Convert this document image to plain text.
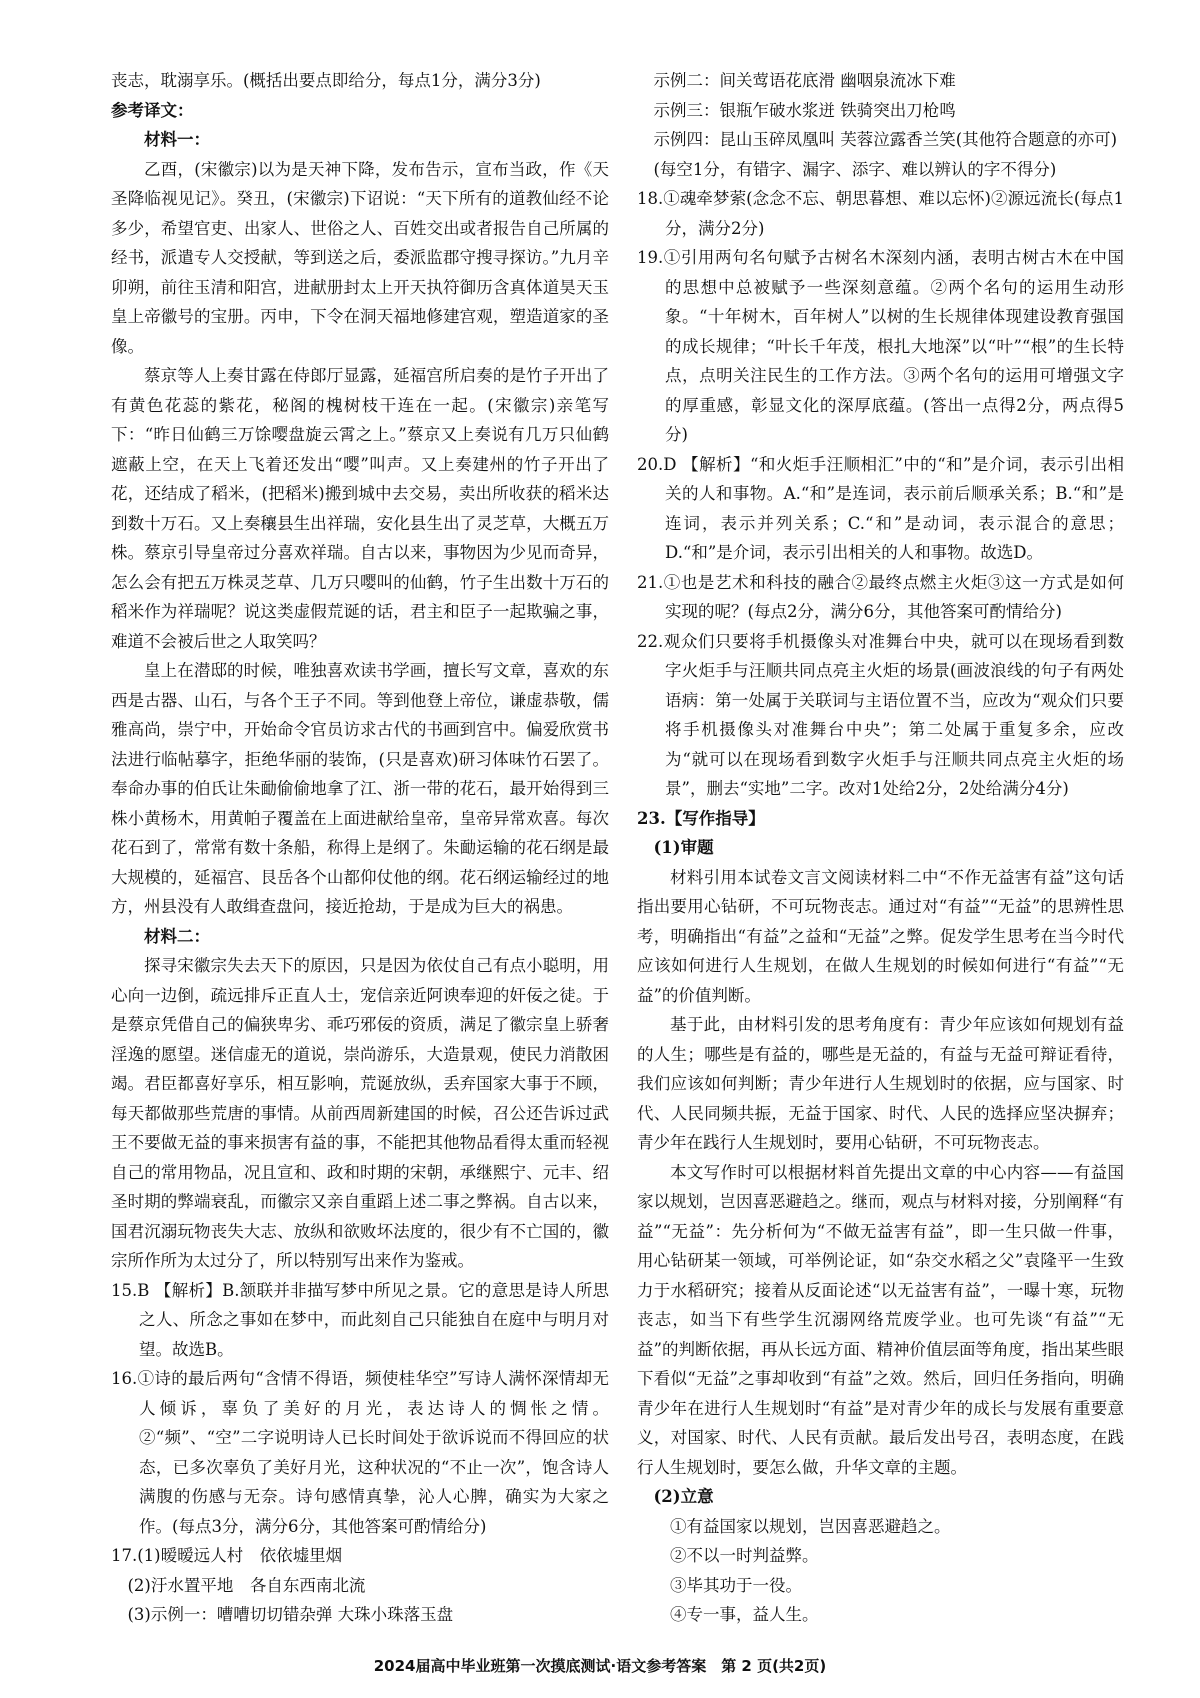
丧志，耽溺享乐。(概括出要点即给分，每点1分，满分3分)

参考译文：

材料一：

乙酉，(宋徽宗)以为是天神下降，发布告示，宣布当政，作《天圣降临视见记》。癸丑，(宋徽宗)下诏说：“天下所有的道教仙经不论多少，希望官吏、出家人、世俗之人、百姓交出或者报告自己所属的经书，派遣专人交授献，等到送之后，委派监郡守搜寻探访。”九月辛卯朔，前往玉清和阳宫，进献册封太上开天执符御历含真体道昊天玉皇上帝徽号的宝册。丙申，下令在洞天福地修建宫观，塑造道家的圣像。

蔡京等人上奏甘露在侍郎厅显露，延福宫所启奏的是竹子开出了有黄色花蕊的紫花，秘阁的槐树枝干连在一起。(宋徽宗)亲笔写下：“昨日仙鹤三万馀嘤盘旋云霄之上。”蔡京又上奏说有几万只仙鹤遮蔽上空，在天上飞着还发出“嘤”叫声。又上奏建州的竹子开出了花，还结成了稻米，(把稻米)搬到城中去交易，卖出所收获的稻米达到数十万石。又上奏穰县生出祥瑞，安化县生出了灵芝草，大概五万株。蔡京引导皇帝过分喜欢祥瑞。自古以来，事物因为少见而奇异，怎么会有把五万株灵芝草、几万只嘤叫的仙鹤，竹子生出数十万石的稻米作为祥瑞呢？说这类虚假荒诞的话，君主和臣子一起欺骗之事，难道不会被后世之人取笑吗？

皇上在潜邸的时候，唯独喜欢读书学画，擅长写文章，喜欢的东西是古器、山石，与各个王子不同。等到他登上帝位，谦虚恭敬，儒雅高尚，崇宁中，开始命令官员访求古代的书画到宫中。偏爱欣赏书法进行临帖摹字，拒绝华丽的装饰，(只是喜欢)研习体味竹石罢了。奉命办事的伯氏让朱勔偷偷地拿了江、浙一带的花石，最开始得到三株小黄杨木，用黄帕子覆盖在上面进献给皇帝，皇帝异常欢喜。每次花石到了，常常有数十条船，称得上是纲了。朱勔运输的花石纲是最大规模的，延福宫、艮岳各个山都仰仗他的纲。花石纲运输经过的地方，州县没有人敢缉查盘问，接近抢劫，于是成为巨大的祸患。

材料二：

探寻宋徽宗失去天下的原因，只是因为依仗自己有点小聪明，用心向一边倒，疏远排斥正直人士，宠信亲近阿谀奉迎的奸佞之徒。于是蔡京凭借自己的偏狭卑劣、乖巧邪佞的资质，满足了徽宗皇上骄奢淫逸的愿望。迷信虚无的道说，崇尚游乐，大造景观，使民力消散困竭。君臣都喜好享乐，相互影响，荒诞放纵，丢弃国家大事于不顾，每天都做那些荒唐的事情。从前西周新建国的时候，召公还告诉过武王不要做无益的事来损害有益的事，不能把其他物品看得太重而轻视自己的常用物品，况且宣和、政和时期的宋朝，承继熙宁、元丰、绍圣时期的弊端衰乱，而徽宗又亲自重蹈上述二事之弊祸。自古以来，国君沉溺玩物丧失大志、放纵和欲败坏法度的，很少有不亡国的，徽宗所作所为太过分了，所以特别写出来作为鉴戒。

15.B 【解析】B.颔联并非描写梦中所见之景。它的意思是诗人所思之人、所念之事如在梦中，而此刻自己只能独自在庭中与明月对望。故选B。

16.①诗的最后两句“含情不得语，频使桂华空”写诗人满怀深情却无人倾诉，辜负了美好的月光，表达诗人的惆怅之情。②“频”、“空”二字说明诗人已长时间处于欲诉说而不得回应的状态，已多次辜负了美好月光，这种状况的“不止一次”，饱含诗人满腹的伤感与无奈。诗句感情真挚，沁人心脾，确实为大家之作。(每点3分，满分6分，其他答案可酌情给分)

17.(1)暧暧远人村　依依墟里烟

(2)汙水置平地　各自东西南北流

(3)示例一：嘈嘈切切错杂弹 大珠小珠落玉盘

示例二：间关莺语花底滑 幽咽泉流冰下难

示例三：银瓶乍破水浆迸 铁骑突出刀枪鸣

示例四：昆山玉碎凤凰叫 芙蓉泣露香兰笑(其他符合题意的亦可)

(每空1分，有错字、漏字、添字、难以辨认的字不得分)

18.①魂牵梦萦(念念不忘、朝思暮想、难以忘怀)②源远流长(每点1分，满分2分)

19.①引用两句名句赋予古树名木深刻内涵，表明古树古木在中国的思想中总被赋予一些深刻意蕴。②两个名句的运用生动形象。“十年树木，百年树人”以树的生长规律体现建设教育强国的成长规律；“叶长千年茂，根扎大地深”以“叶”“根”的生长特点，点明关注民生的工作方法。③两个名句的运用可增强文字的厚重感，彰显文化的深厚底蕴。(答出一点得2分，两点得5分)

20.D 【解析】“和火炬手汪顺相汇”中的“和”是介词，表示引出相关的人和事物。A.“和”是连词，表示前后顺承关系；B.“和”是连词，表示并列关系；C.“和”是动词，表示混合的意思；D.“和”是介词，表示引出相关的人和事物。故选D。

21.①也是艺术和科技的融合②最终点燃主火炬③这一方式是如何实现的呢？(每点2分，满分6分，其他答案可酌情给分)

22.观众们只要将手机摄像头对准舞台中央，就可以在现场看到数字火炬手与汪顺共同点亮主火炬的场景(画波浪线的句子有两处语病：第一处属于关联词与主语位置不当，应改为“观众们只要将手机摄像头对准舞台中央”；第二处属于重复多余，应改为“就可以在现场看到数字火炬手与汪顺共同点亮主火炬的场景”，删去“实地”二字。改对1处给2分，2处给满分4分)

23.【写作指导】

(1)审题

材料引用本试卷文言文阅读材料二中“不作无益害有益”这句话指出要用心钻研，不可玩物丧志。通过对“有益”“无益”的思辨性思考，明确指出“有益”之益和“无益”之弊。促发学生思考在当今时代应该如何进行人生规划，在做人生规划的时候如何进行“有益”“无益”的价值判断。

基于此，由材料引发的思考角度有：青少年应该如何规划有益的人生；哪些是有益的，哪些是无益的，有益与无益可辩证看待，我们应该如何判断；青少年进行人生规划时的依据，应与国家、时代、人民同频共振，无益于国家、时代、人民的选择应坚决摒弃；青少年在践行人生规划时，要用心钻研，不可玩物丧志。

本文写作时可以根据材料首先提出文章的中心内容——有益国家以规划，岂因喜恶避趋之。继而，观点与材料对接，分别阐释“有益”“无益”：先分析何为“不做无益害有益”，即一生只做一件事，用心钻研某一领域，可举例论证，如“杂交水稻之父”袁隆平一生致力于水稻研究；接着从反面论述“以无益害有益”，一曝十寒，玩物丧志，如当下有些学生沉溺网络荒废学业。也可先谈“有益”“无益”的判断依据，再从长远方面、精神价值层面等角度，指出某些眼下看似“无益”之事却收到“有益”之效。然后，回归任务指向，明确青少年在进行人生规划时“有益”是对青少年的成长与发展有重要意义，对国家、时代、人民有贡献。最后发出号召，表明态度，在践行人生规划时，要怎么做，升华文章的主题。

(2)立意

①有益国家以规划，岂因喜恶避趋之。

②不以一时判益弊。

③毕其功于一役。

④专一事，益人生。

2024届高中毕业班第一次摸底测试·语文参考答案　第 2 页(共2页)
